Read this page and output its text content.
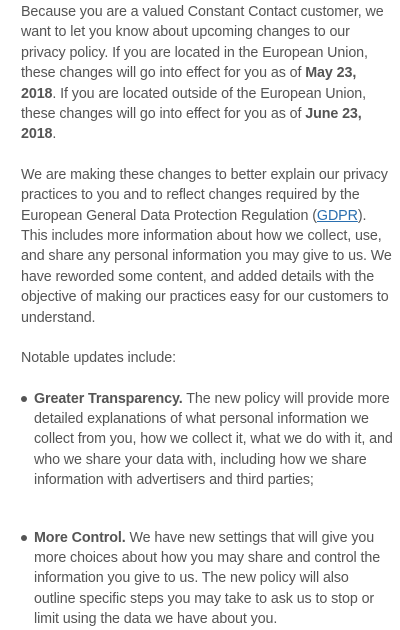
Because you are a valued Constant Contact customer, we want to let you know about upcoming changes to our privacy policy. If you are located in the European Union, these changes will go into effect for you as of May 23, 2018. If you are located outside of the European Union, these changes will go into effect for you as of June 23, 2018.

We are making these changes to better explain our privacy practices to you and to reflect changes required by the European General Data Protection Regulation (GDPR). This includes more information about how we collect, use, and share any personal information you may give to us. We have reworded some content, and added details with the objective of making our practices easy for our customers to understand.

Notable updates include:

Greater Transparency. The new policy will provide more detailed explanations of what personal information we collect from you, how we collect it, what we do with it, and who we share your data with, including how we share information with advertisers and third parties;
More Control. We have new settings that will give you more choices about how you may share and control the information you give to us. The new policy will also outline specific steps you may take to ask us to stop or limit using the data we have about you.
